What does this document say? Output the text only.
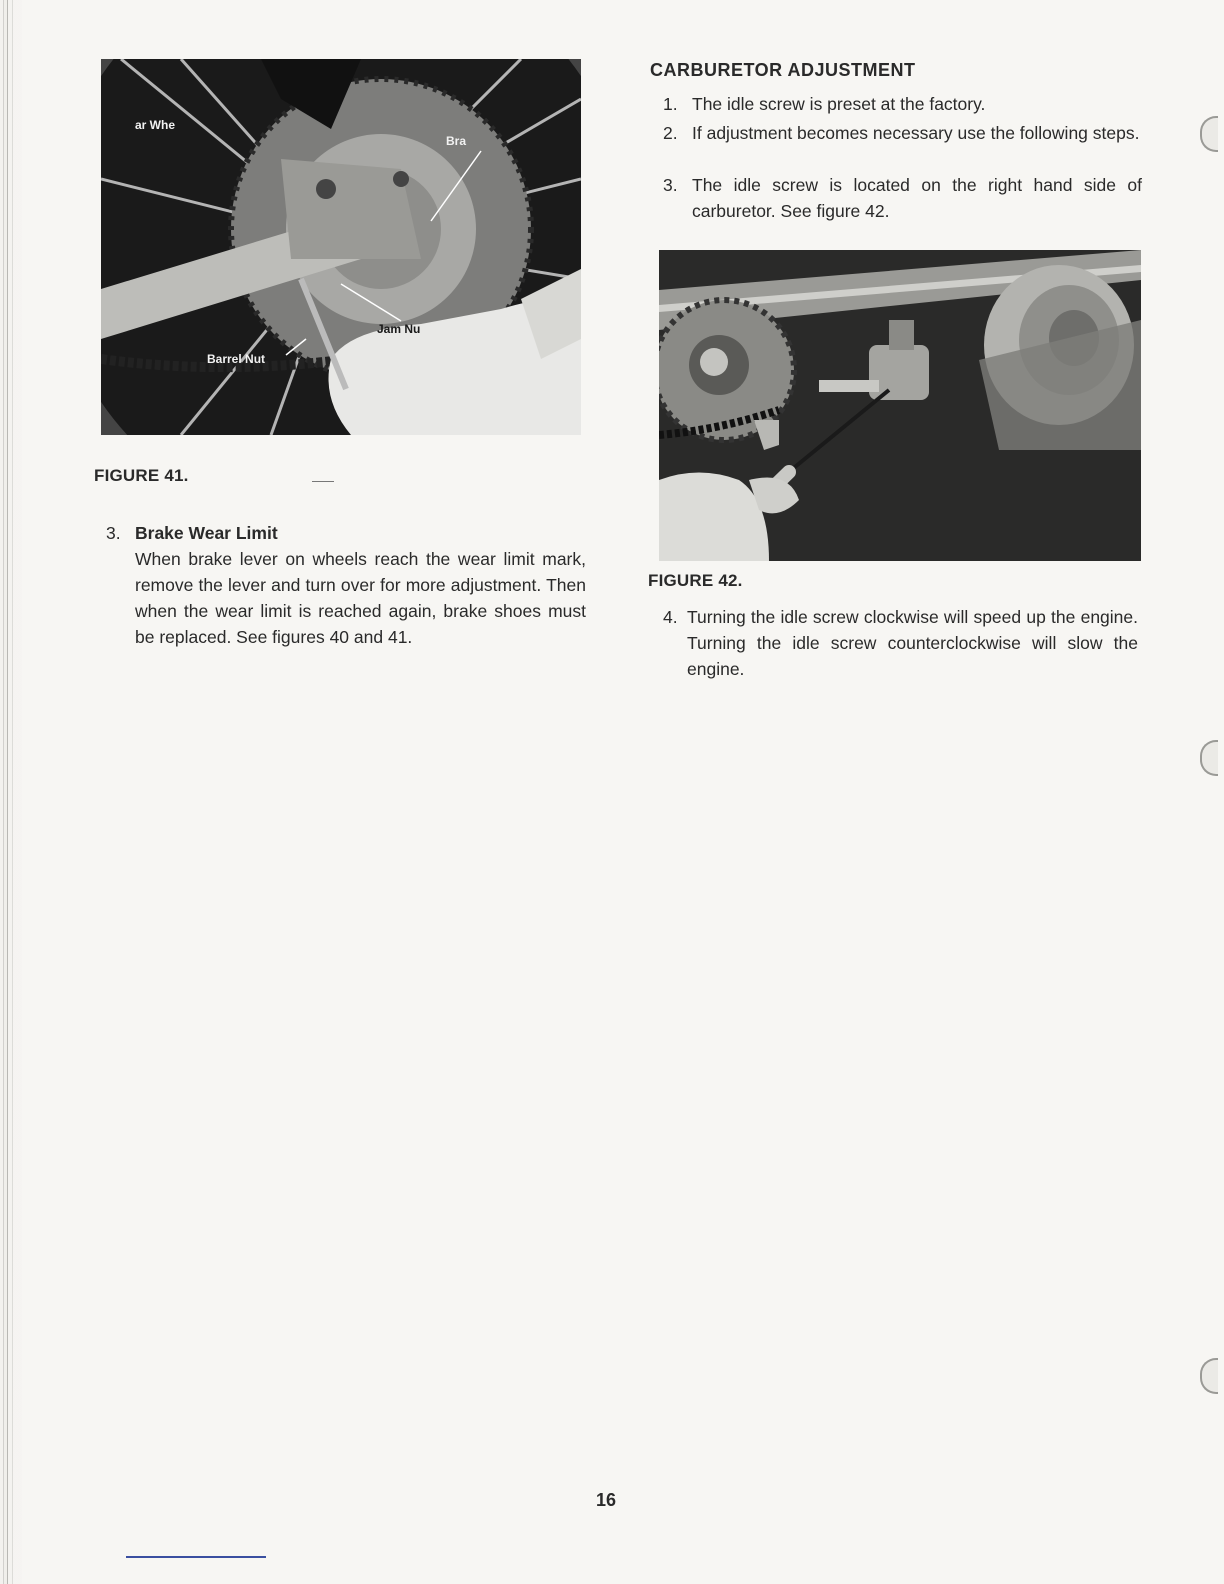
ar Whe
Bra
Jam Nu
Barrel Nut
FIGURE 41.
3. Brake Wear Limit
When brake lever on wheels reach the wear limit mark, remove the lever and turn over for more adjustment. Then when the wear limit is reached again, brake shoes must be replaced. See figures 40 and 41.
CARBURETOR ADJUSTMENT
1. The idle screw is preset at the factory.
2. If adjustment becomes necessary use the following steps.
3. The idle screw is located on the right hand side of carburetor. See figure 42.
FIGURE 42.
4. Turning the idle screw clockwise will speed up the engine. Turning the idle screw counterclockwise will slow the engine.
16
